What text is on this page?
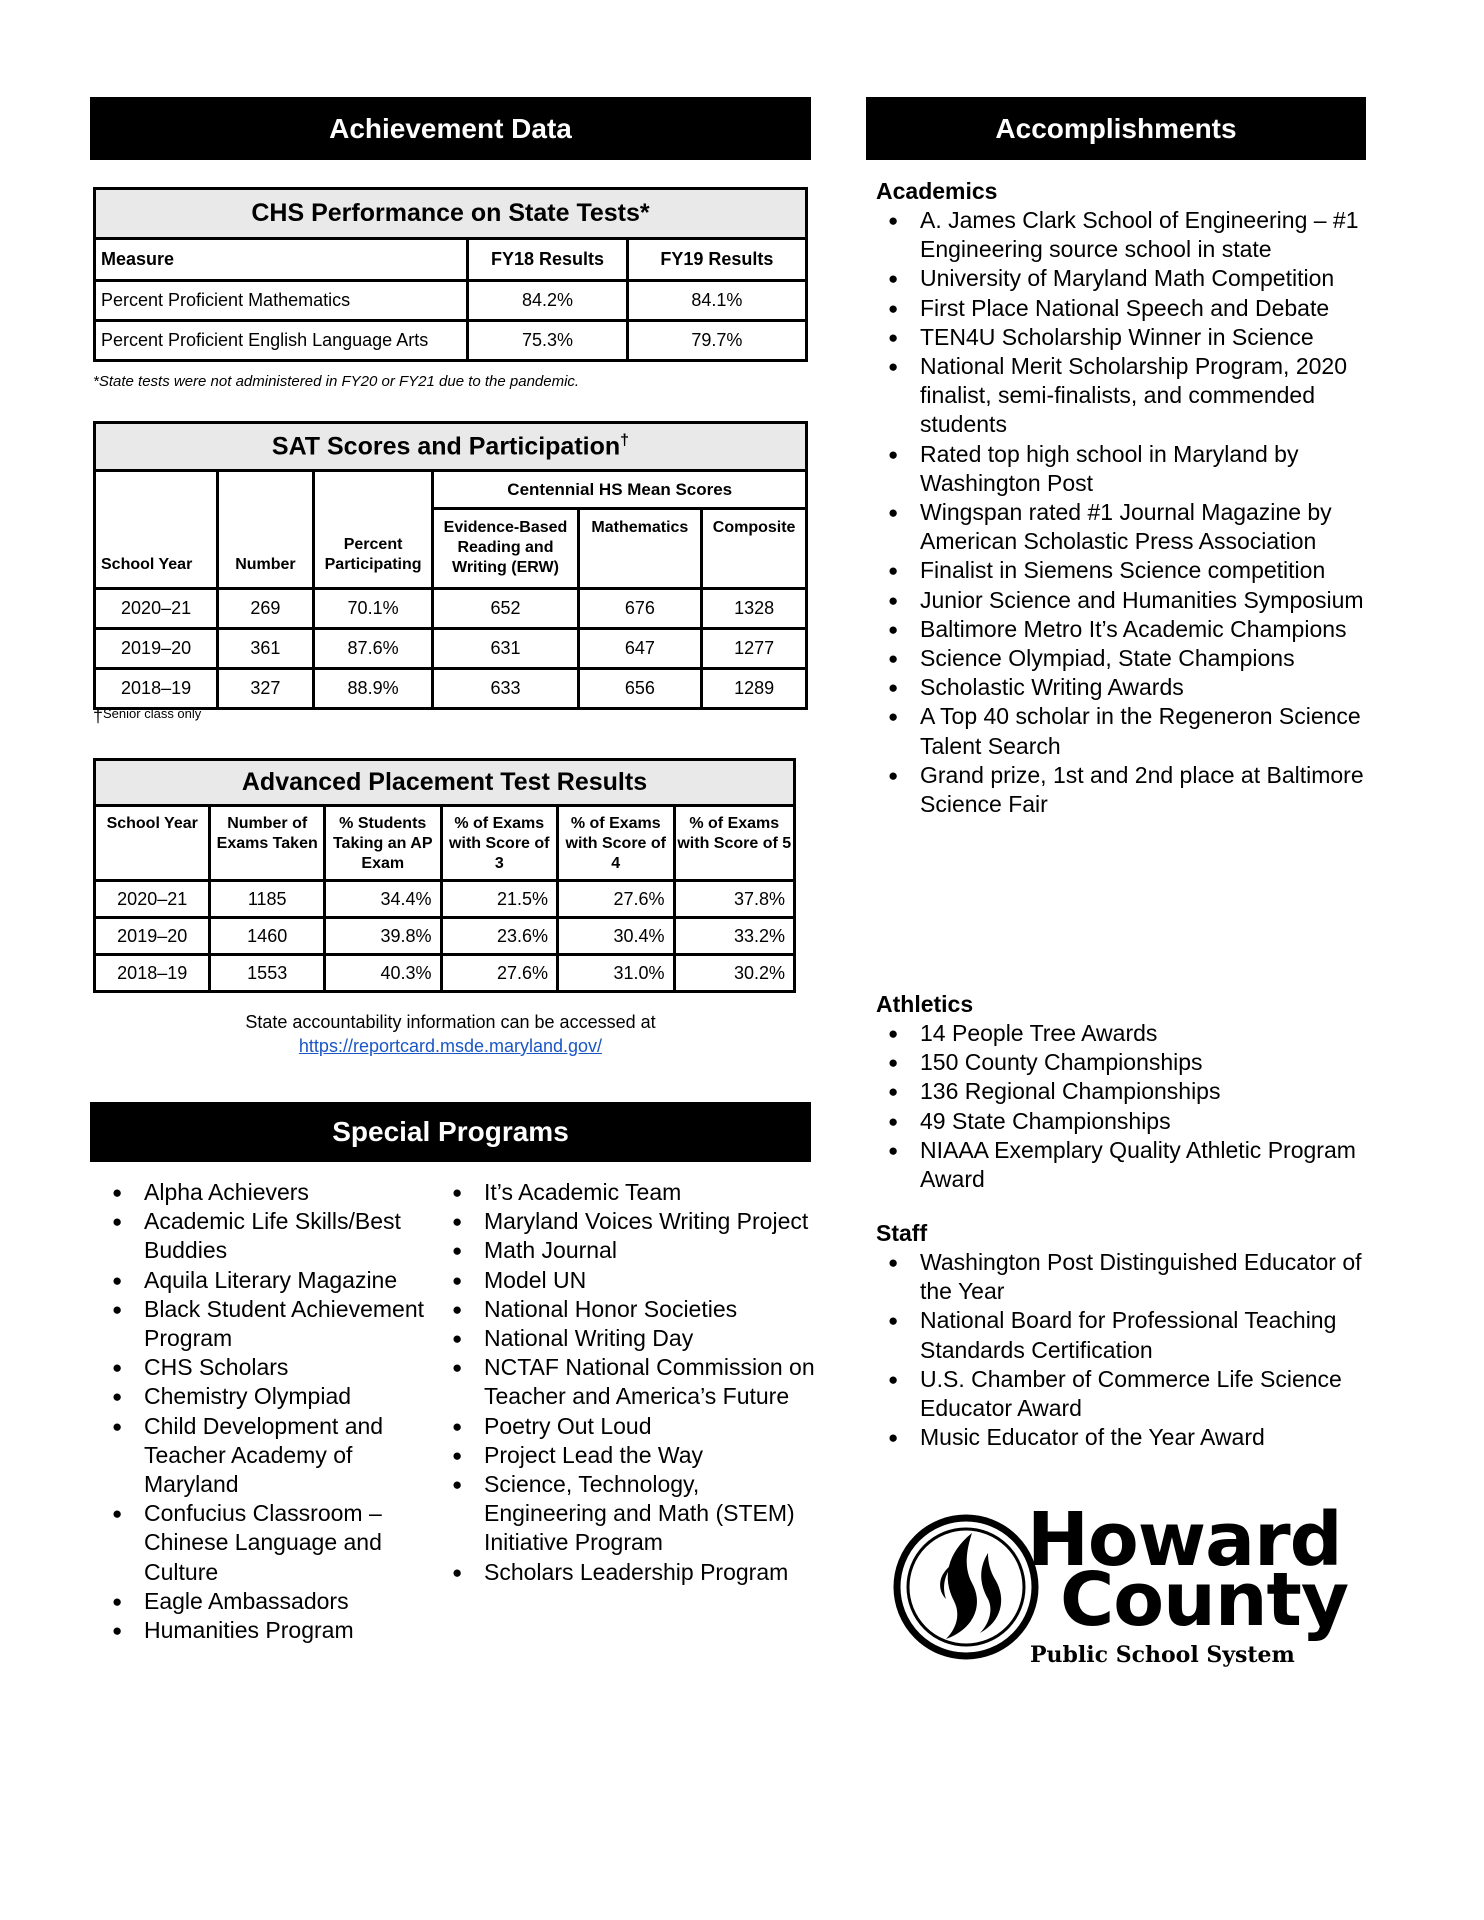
Achievement Data
CHS Performance on State Tests*		
Measure	FY18 Results	FY19 Results
Percent Proficient Mathematics	84.2%	84.1%
Percent Proficient English Language Arts	75.3%	79.7%
*State tests were not administered in FY20 or FY21 due to the pandemic.
SAT Scores and Participation†
School Year	Number	Percent Participating	Centennial HS Mean Scores		
			Evidence-Based Reading and Writing (ERW)	Mathematics	Composite
2020–21	269	70.1%	652	676	1328
2019–20	361	87.6%	631	647	1277
2018–19	327	88.9%	633	656	1289
†Senior class only
Advanced Placement Test Results					
School Year	Number of Exams Taken	% Students Taking an AP Exam	% of Exams with Score of 3	% of Exams with Score of 4	% of Exams with Score of 5
2020–21	1185	34.4%	21.5%	27.6%	37.8%
2019–20	1460	39.8%	23.6%	30.4%	33.2%
2018–19	1553	40.3%	27.6%	31.0%	30.2%
State accountability information can be accessed at
https://reportcard.msde.maryland.gov/
Special Programs
● Alpha Achievers
● Academic Life Skills/Best Buddies
● Aquila Literary Magazine
● Black Student Achievement Program
● CHS Scholars
● Chemistry Olympiad
● Child Development and Teacher Academy of Maryland
● Confucius Classroom – Chinese Language and Culture
● Eagle Ambassadors
● Humanities Program
● It’s Academic Team
● Maryland Voices Writing Project
● Math Journal
● Model UN
● National Honor Societies
● National Writing Day
● NCTAF National Commission on Teacher and America’s Future
● Poetry Out Loud
● Project Lead the Way
● Science, Technology, Engineering and Math (STEM) Initiative Program
● Scholars Leadership Program
Accomplishments
Academics
● A. James Clark School of Engineering – #1 Engineering source school in state
● University of Maryland Math Competition
● First Place National Speech and Debate
● TEN4U Scholarship Winner in Science
● National Merit Scholarship Program, 2020 finalist, semi-finalists, and commended students
● Rated top high school in Maryland by Washington Post
● Wingspan rated #1 Journal Magazine by American Scholastic Press Association
● Finalist in Siemens Science competition
● Junior Science and Humanities Symposium
● Baltimore Metro It’s Academic Champions
● Science Olympiad, State Champions
● Scholastic Writing Awards
● A Top 40 scholar in the Regeneron Science Talent Search
● Grand prize, 1st and 2nd place at Baltimore Science Fair
Athletics
● 14 People Tree Awards
● 150 County Championships
● 136 Regional Championships
● 49 State Championships
● NIAAA Exemplary Quality Athletic Program Award
Staff
● Washington Post Distinguished Educator of the Year
● National Board for Professional Teaching Standards Certification
● U.S. Chamber of Commerce Life Science Educator Award
● Music Educator of the Year Award
Howard
County
Public School System
